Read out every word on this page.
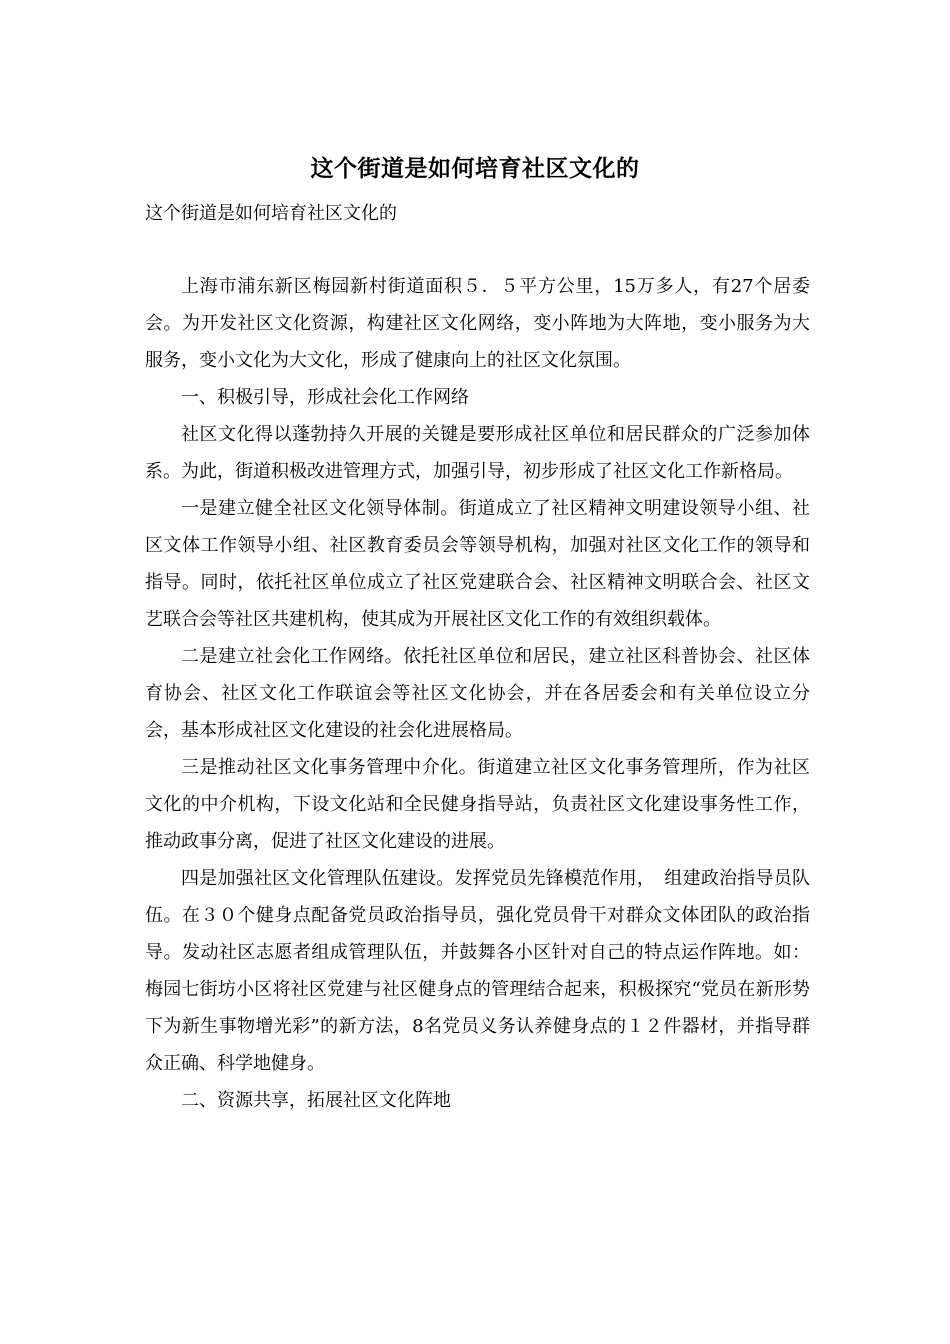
这个街道是如何培育社区文化的
这个街道是如何培育社区文化的

上海市浦东新区梅园新村街道面积５．５平方公里，15万多人，有27个居委会。为开发社区文化资源，构建社区文化网络，变小阵地为大阵地，变小服务为大服务，变小文化为大文化，形成了健康向上的社区文化氛围。

一、积极引导，形成社会化工作网络

社区文化得以蓬勃持久开展的关键是要形成社区单位和居民群众的广泛参加体系。为此，街道积极改进管理方式，加强引导，初步形成了社区文化工作新格局。

一是建立健全社区文化领导体制。街道成立了社区精神文明建设领导小组、社区文体工作领导小组、社区教育委员会等领导机构，加强对社区文化工作的领导和指导。同时，依托社区单位成立了社区党建联合会、社区精神文明联合会、社区文艺联合会等社区共建机构，使其成为开展社区文化工作的有效组织载体。

二是建立社会化工作网络。依托社区单位和居民，建立社区科普协会、社区体育协会、社区文化工作联谊会等社区文化协会，并在各居委会和有关单位设立分会，基本形成社区文化建设的社会化进展格局。

三是推动社区文化事务管理中介化。街道建立社区文化事务管理所，作为社区文化的中介机构，下设文化站和全民健身指导站，负责社区文化建设事务性工作，推动政事分离，促进了社区文化建设的进展。

四是加强社区文化管理队伍建设。发挥党员先锋模范作用，　组建政治指导员队伍。在３０个健身点配备党员政治指导员，强化党员骨干对群众文体团队的政治指导。发动社区志愿者组成管理队伍，并鼓舞各小区针对自己的特点运作阵地。如：梅园七街坊小区将社区党建与社区健身点的管理结合起来，积极探究“党员在新形势下为新生事物增光彩”的新方法，8名党员义务认养健身点的１２件器材，并指导群众正确、科学地健身。

二、资源共享，拓展社区文化阵地
